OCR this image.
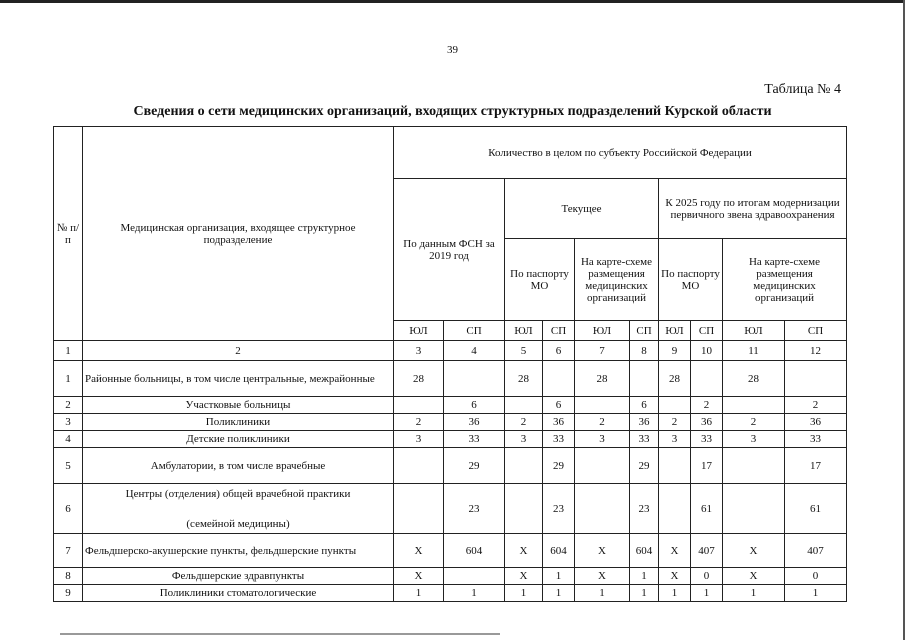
39
Таблица № 4
Сведения о сети медицинских организаций, входящих структурных подразделений Курской области
№ п/п	Медицинская организация, входящее структурное подразделение	Количество в целом по субъекту Российской Федерации									
		По данным ФСН за 2019 год		Текущее				К 2025 году по итогам модернизации первичного звена здравоохранения			
				По паспорту МО		На карте-схеме размещения медицинских организаций		По паспорту МО		На карте-схеме размещения медицинских организаций	
		ЮЛ	СП	ЮЛ	СП	ЮЛ	СП	ЮЛ	СП	ЮЛ	СП
1	2	3	4	5	6	7	8	9	10	11	12
1	Районные больницы, в том числе центральные, межрайонные	28		28		28		28		28	
2	Участковые больницы		6		6		6		2		2
3	Поликлиники	2	36	2	36	2	36	2	36	2	36
4	Детские поликлиники	3	33	3	33	3	33	3	33	3	33
5	Амбулатории, в том числе врачебные		29		29		29		17		17
6	Центры (отделения) общей врачебной практики
(семейной медицины)		23		23		23		61		61
7	Фельдшерско-акушерские пункты, фельдшерские пункты	X	604	X	604	X	604	X	407	X	407
8	Фельдшерские здравпункты	X		X	1	X	1	X	0	X	0
9	Поликлиники стоматологические	1	1	1	1	1	1	1	1	1	1
